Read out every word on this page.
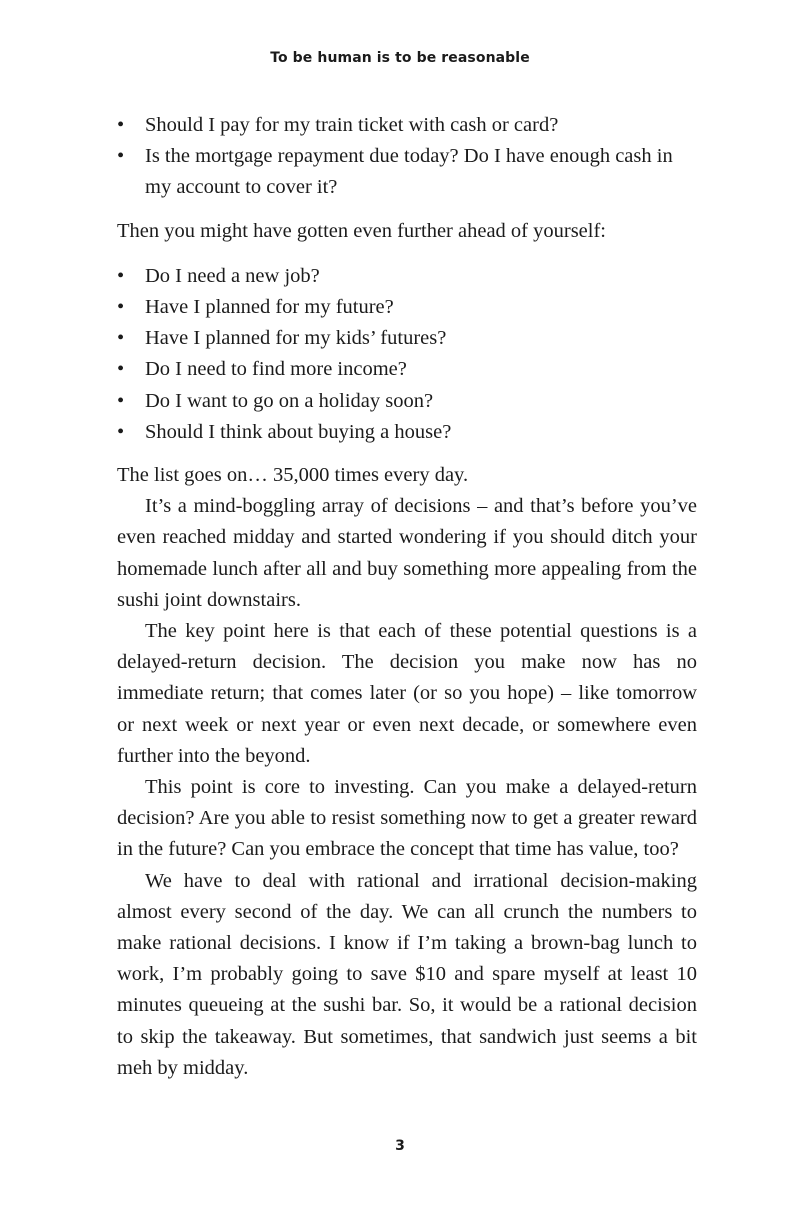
To be human is to be reasonable
• Should I pay for my train ticket with cash or card?
• Is the mortgage repayment due today? Do I have enough cash in my account to cover it?

Then you might have gotten even further ahead of yourself:

• Do I need a new job?
• Have I planned for my future?
• Have I planned for my kids’ futures?
• Do I need to find more income?
• Do I want to go on a holiday soon?
• Should I think about buying a house?

The list goes on… 35,000 times every day.

It’s a mind-boggling array of decisions – and that’s before you’ve even reached midday and started wondering if you should ditch your homemade lunch after all and buy something more appealing from the sushi joint downstairs.

The key point here is that each of these potential questions is a delayed-return decision. The decision you make now has no immediate return; that comes later (or so you hope) – like tomorrow or next week or next year or even next decade, or somewhere even further into the beyond.

This point is core to investing. Can you make a delayed-return decision? Are you able to resist something now to get a greater reward in the future? Can you embrace the concept that time has value, too?

We have to deal with rational and irrational decision-making almost every second of the day. We can all crunch the numbers to make rational decisions. I know if I’m taking a brown-bag lunch to work, I’m probably going to save $10 and spare myself at least 10 minutes queueing at the sushi bar. So, it would be a rational decision to skip the takeaway. But sometimes, that sandwich just seems a bit meh by midday.

3
